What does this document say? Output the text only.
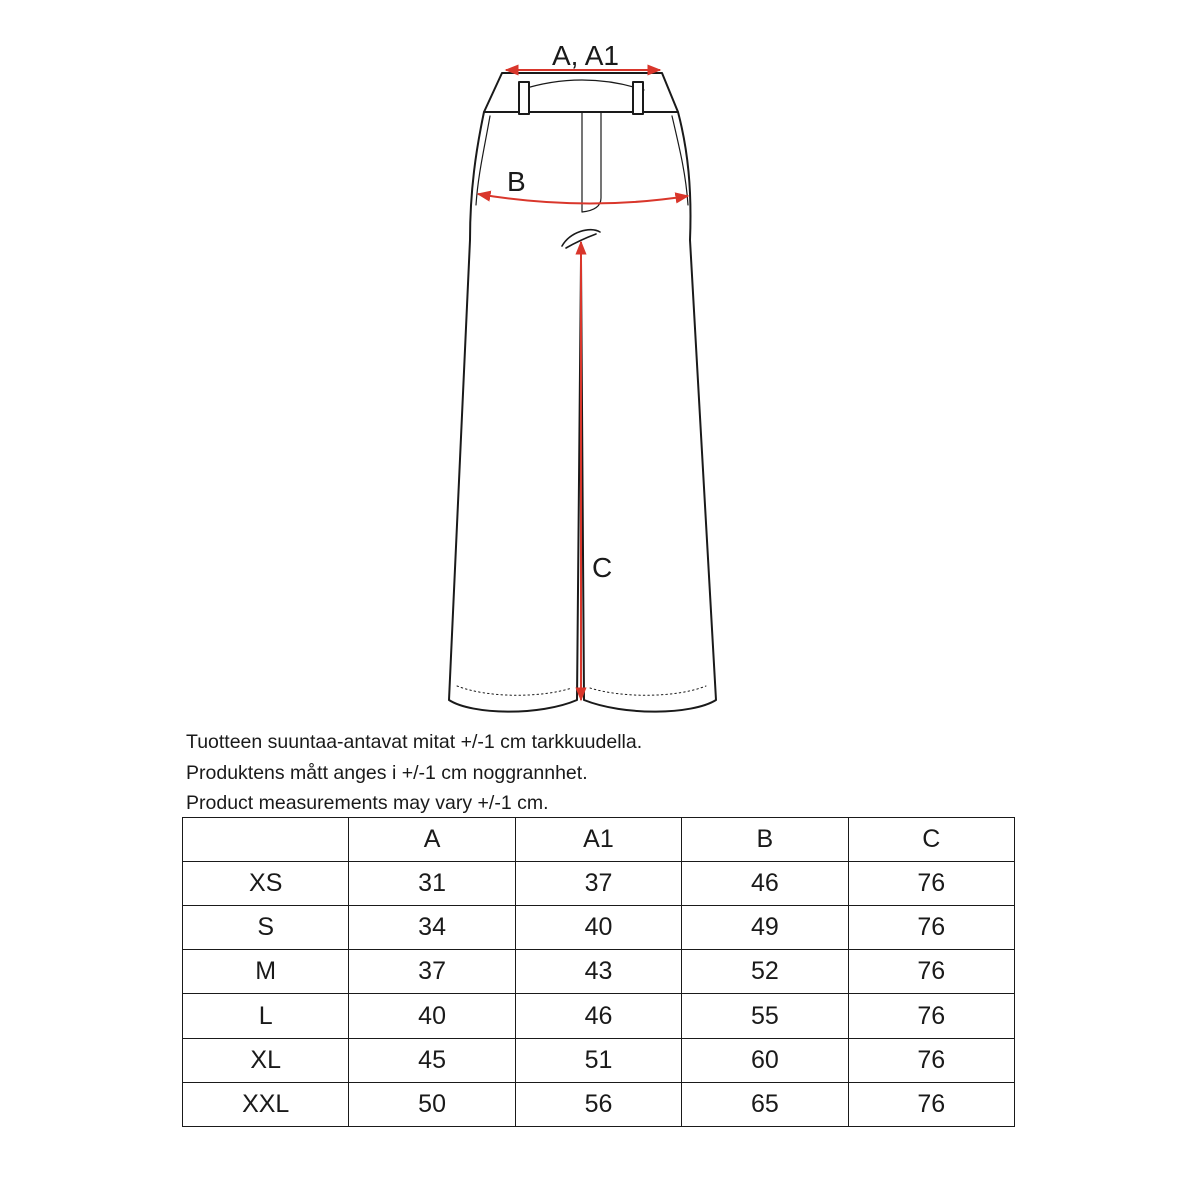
A, A1
B
C
Tuotteen suuntaa-antavat mitat +/-1 cm tarkkuudella.
Produktens mått anges i +/-1 cm noggrannhet.
Product measurements may vary +/-1 cm.
	A	A1	B	C
XS	31	37	46	76
S	34	40	49	76
M	37	43	52	76
L	40	46	55	76
XL	45	51	60	76
XXL	50	56	65	76
